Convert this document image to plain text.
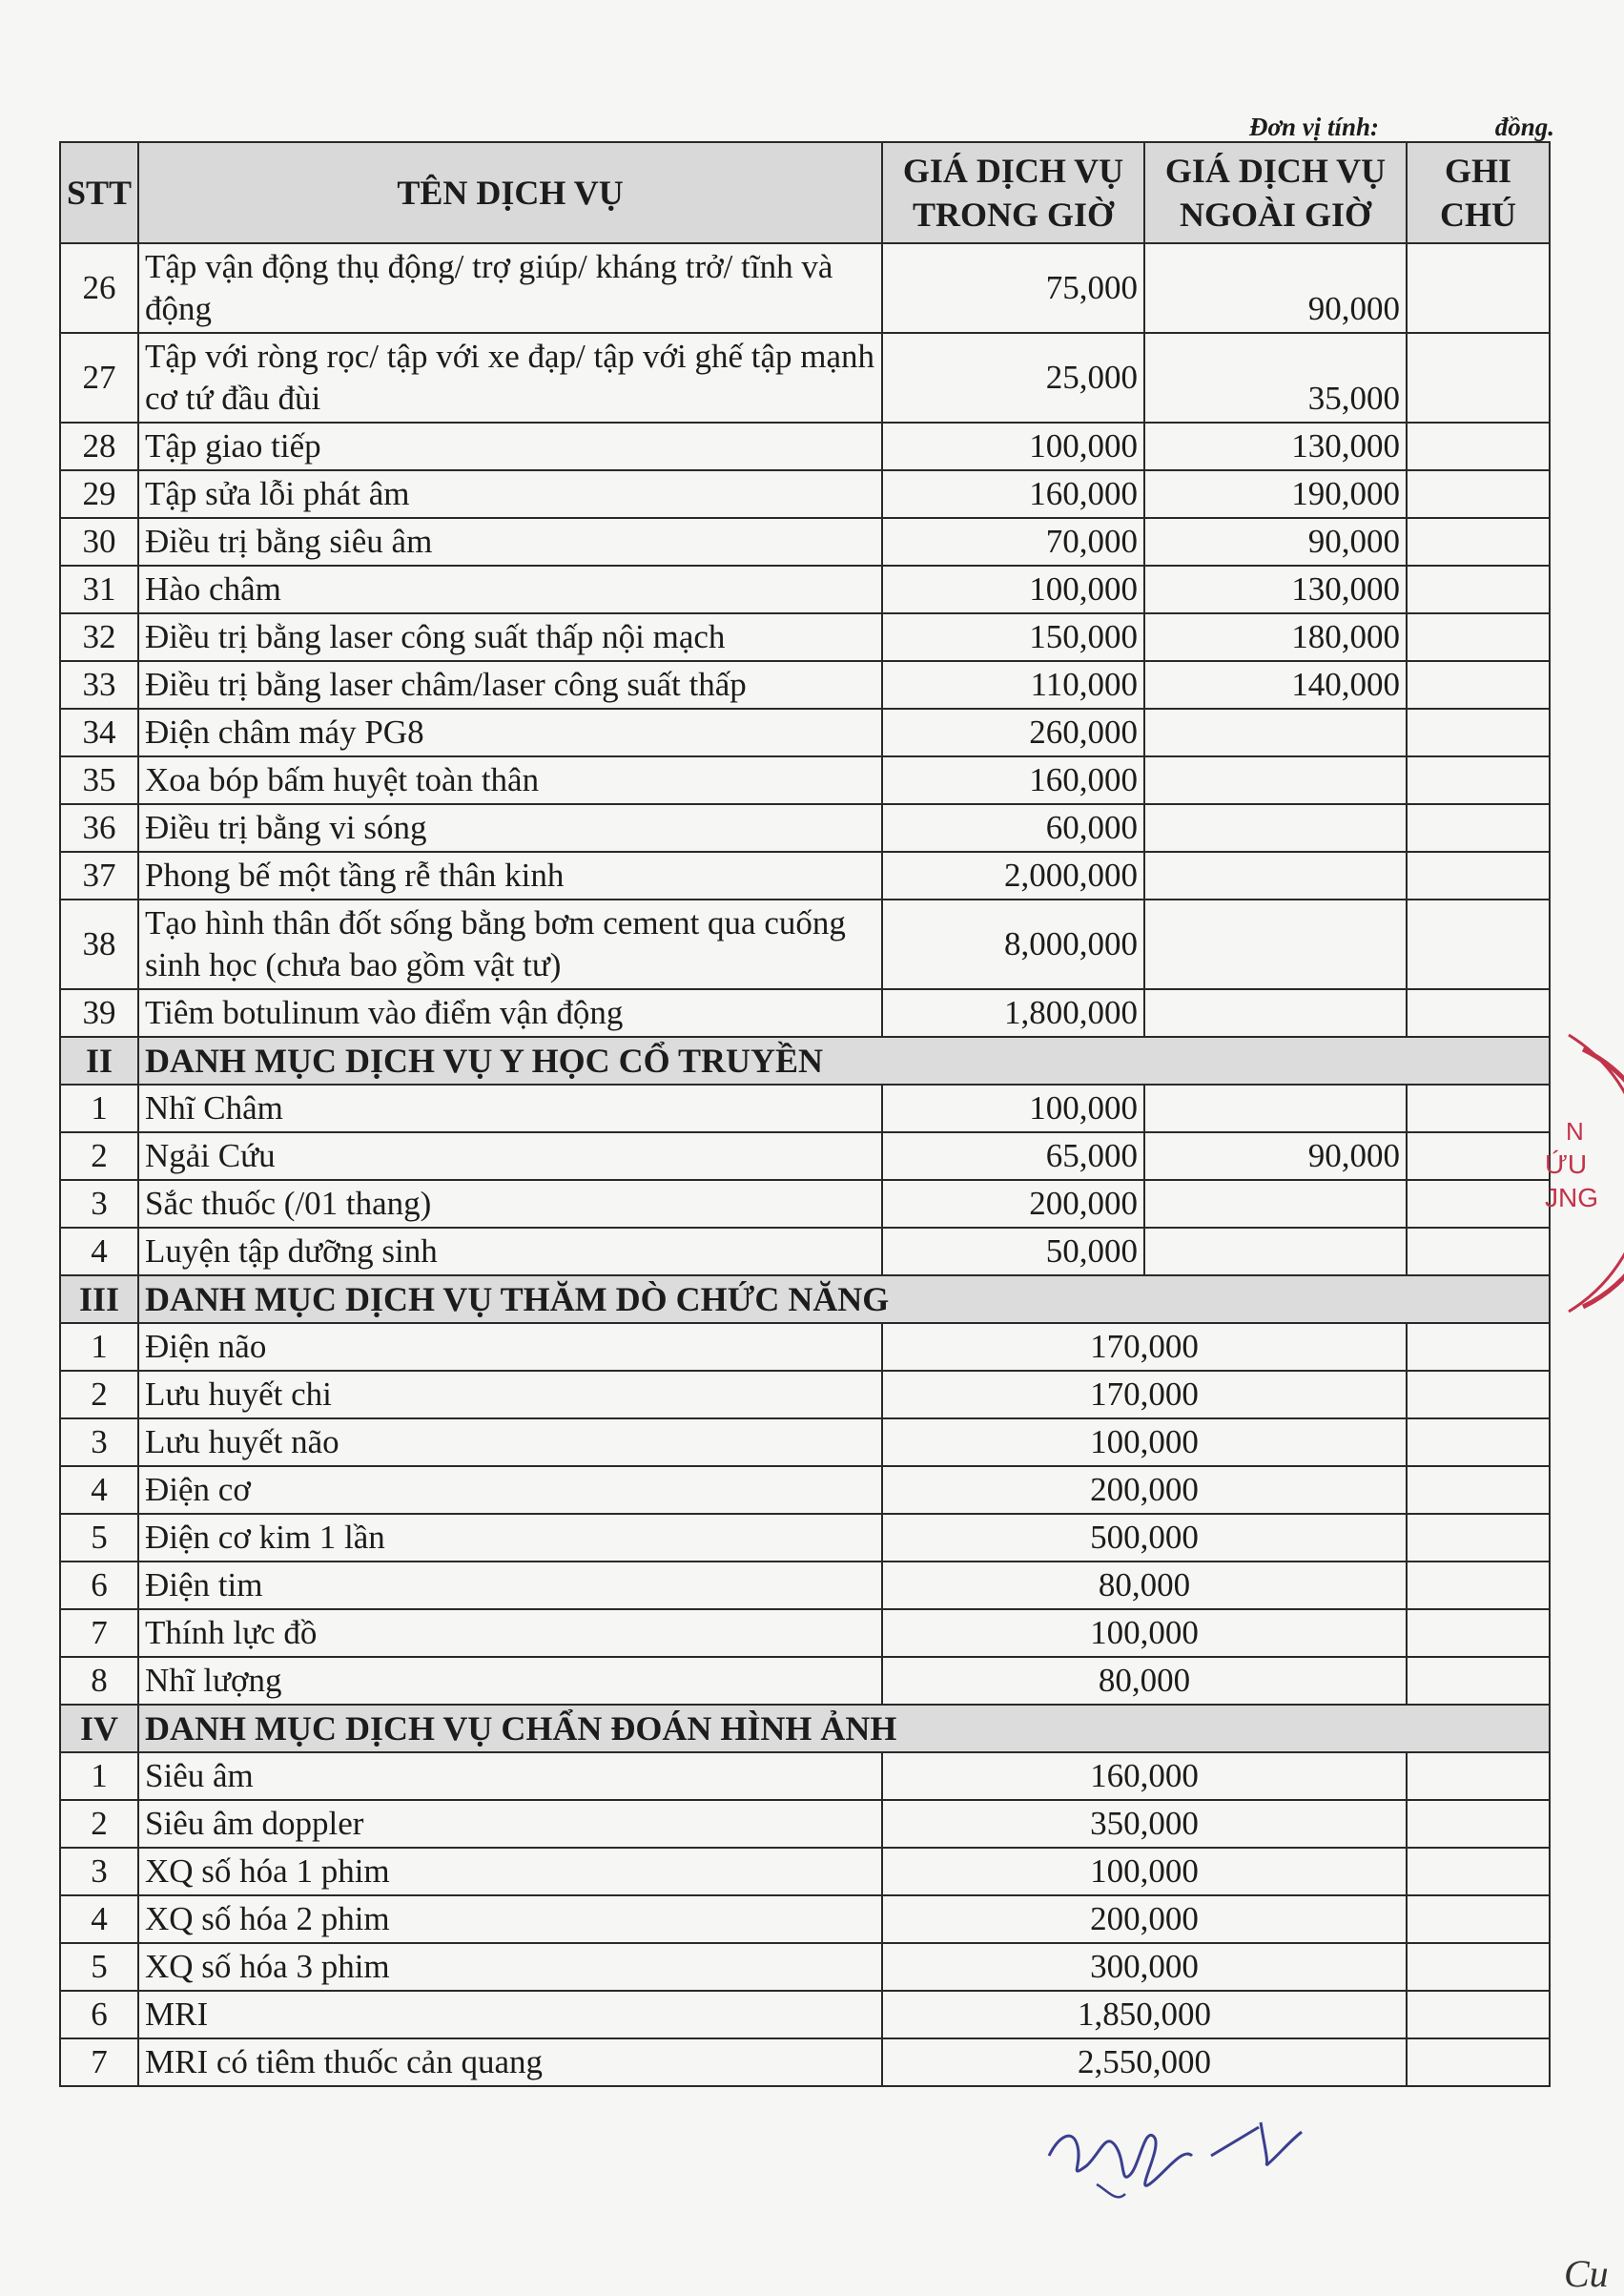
Đơn vị tính:	đồng.
STT	TÊN DỊCH VỤ	GIÁ DỊCH VỤ TRONG GIỜ	GIÁ DỊCH VỤ NGOÀI GIỜ	GHI CHÚ
26	Tập vận động thụ động/ trợ giúp/ kháng trở/ tĩnh và động	75,000	90,000	
27	Tập với ròng rọc/ tập với xe đạp/ tập với ghế tập mạnh cơ tứ đầu đùi	25,000	35,000	
28	Tập giao tiếp	100,000	130,000	
29	Tập sửa lỗi phát âm	160,000	190,000	
30	Điều trị bằng siêu âm	70,000	90,000	
31	Hào châm	100,000	130,000	
32	Điều trị bằng laser công suất thấp nội mạch	150,000	180,000	
33	Điều trị bằng laser châm/laser công suất thấp	110,000	140,000	
34	Điện châm máy PG8	260,000		
35	Xoa bóp bấm huyệt toàn thân	160,000		
36	Điều trị bằng vi sóng	60,000		
37	Phong bế một tầng rễ thân kinh	2,000,000		
38	Tạo hình thân đốt sống bằng bơm cement qua cuống sinh học (chưa bao gồm vật tư)	8,000,000		
39	Tiêm botulinum vào điểm vận động	1,800,000		
II	DANH MỤC DỊCH VỤ Y HỌC CỔ TRUYỀN			
1	Nhĩ Châm	100,000		
2	Ngải Cứu	65,000	90,000	
3	Sắc thuốc (/01 thang)	200,000		
4	Luyện tập dưỡng sinh	50,000		
III	DANH MỤC DỊCH VỤ THĂM DÒ CHỨC NĂNG			
1	Điện não	170,000		
2	Lưu huyết chi	170,000		
3	Lưu huyết não	100,000		
4	Điện cơ	200,000		
5	Điện cơ kim 1 lần	500,000		
6	Điện tim	80,000		
7	Thính lực đồ	100,000		
8	Nhĩ lượng	80,000		
IV	DANH MỤC DỊCH VỤ CHẨN ĐOÁN HÌNH ẢNH			
1	Siêu âm	160,000		
2	Siêu âm doppler	350,000		
3	XQ số hóa 1 phim	100,000		
4	XQ số hóa 2 phim	200,000		
5	XQ số hóa 3 phim	300,000		
6	MRI	1,850,000		
7	MRI có tiêm thuốc cản quang	2,550,000		
N
ỨU
JNG
Cu
